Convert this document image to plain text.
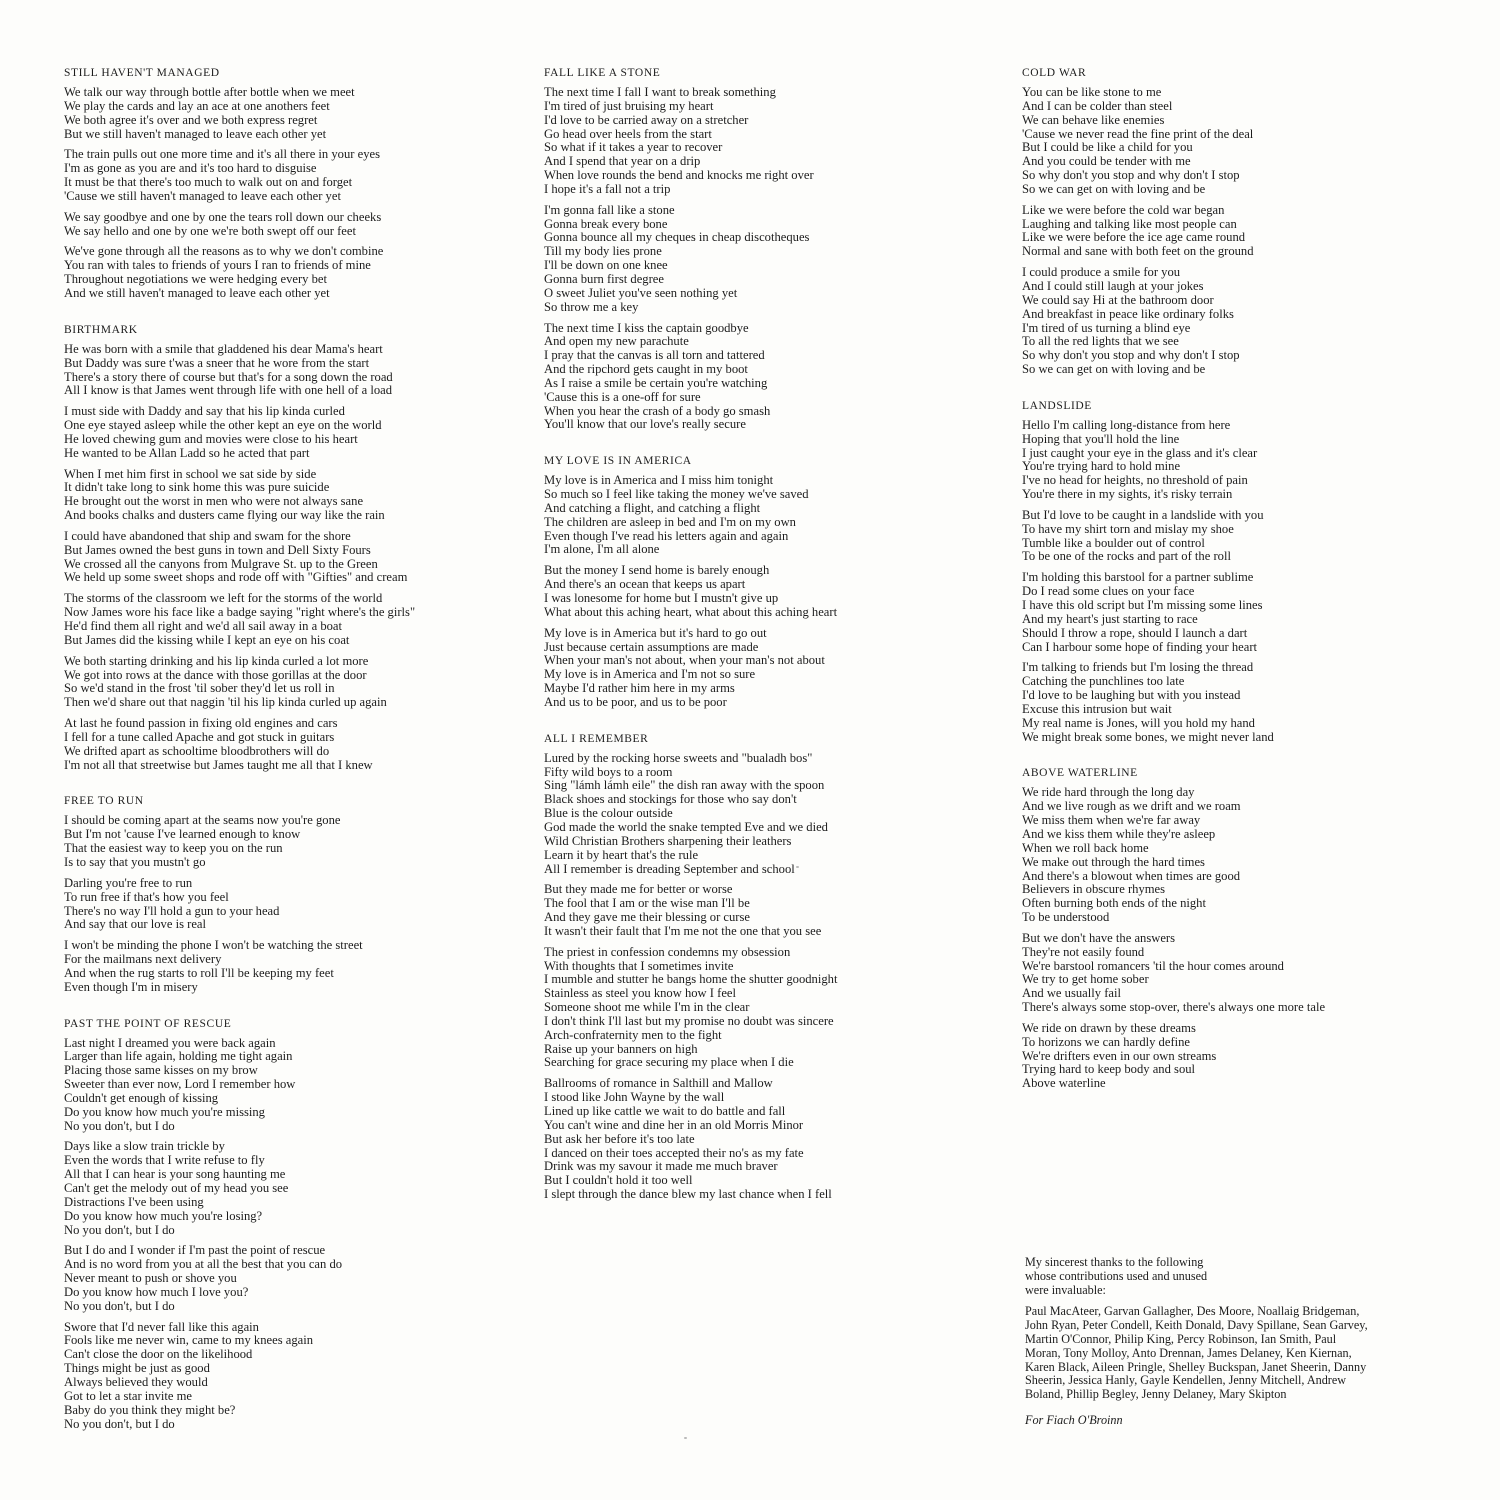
STILL HAVEN'T MANAGED
We talk our way through bottle after bottle when we meet
We play the cards and lay an ace at one anothers feet
We both agree it's over and we both express regret
But we still haven't managed to leave each other yet
The train pulls out one more time and it's all there in your eyes
I'm as gone as you are and it's too hard to disguise
It must be that there's too much to walk out on and forget
'Cause we still haven't managed to leave each other yet
We say goodbye and one by one the tears roll down our cheeks
We say hello and one by one we're both swept off our feet
We've gone through all the reasons as to why we don't combine
You ran with tales to friends of yours I ran to friends of mine
Throughout negotiations we were hedging every bet
And we still haven't managed to leave each other yet
BIRTHMARK
He was born with a smile that gladdened his dear Mama's heart
But Daddy was sure t'was a sneer that he wore from the start
There's a story there of course but that's for a song down the road
All I know is that James went through life with one hell of a load
I must side with Daddy and say that his lip kinda curled
One eye stayed asleep while the other kept an eye on the world
He loved chewing gum and movies were close to his heart
He wanted to be Allan Ladd so he acted that part
When I met him first in school we sat side by side
It didn't take long to sink home this was pure suicide
He brought out the worst in men who were not always sane
And books chalks and dusters came flying our way like the rain
I could have abandoned that ship and swam for the shore
But James owned the best guns in town and Dell Sixty Fours
We crossed all the canyons from Mulgrave St. up to the Green
We held up some sweet shops and rode off with "Gifties" and cream
The storms of the classroom we left for the storms of the world
Now James wore his face like a badge saying "right where's the girls"
He'd find them all right and we'd all sail away in a boat
But James did the kissing while I kept an eye on his coat
We both starting drinking and his lip kinda curled a lot more
We got into rows at the dance with those gorillas at the door
So we'd stand in the frost 'til sober they'd let us roll in
Then we'd share out that naggin 'til his lip kinda curled up again
At last he found passion in fixing old engines and cars
I fell for a tune called Apache and got stuck in guitars
We drifted apart as schooltime bloodbrothers will do
I'm not all that streetwise but James taught me all that I knew
FREE TO RUN
I should be coming apart at the seams now you're gone
But I'm not 'cause I've learned enough to know
That the easiest way to keep you on the run
Is to say that you mustn't go
Darling you're free to run
To run free if that's how you feel
There's no way I'll hold a gun to your head
And say that our love is real
I won't be minding the phone I won't be watching the street
For the mailmans next delivery
And when the rug starts to roll I'll be keeping my feet
Even though I'm in misery
PAST THE POINT OF RESCUE
Last night I dreamed you were back again
Larger than life again, holding me tight again
Placing those same kisses on my brow
Sweeter than ever now, Lord I remember how
Couldn't get enough of kissing
Do you know how much you're missing
No you don't, but I do
Days like a slow train trickle by
Even the words that I write refuse to fly
All that I can hear is your song haunting me
Can't get the melody out of my head you see
Distractions I've been using
Do you know how much you're losing?
No you don't, but I do
But I do and I wonder if I'm past the point of rescue
And is no word from you at all the best that you can do
Never meant to push or shove you
Do you know how much I love you?
No you don't, but I do
Swore that I'd never fall like this again
Fools like me never win, came to my knees again
Can't close the door on the likelihood
Things might be just as good
Always believed they would
Got to let a star invite me
Baby do you think they might be?
No you don't, but I do
FALL LIKE A STONE
The next time I fall I want to break something
I'm tired of just bruising my heart
I'd love to be carried away on a stretcher
Go head over heels from the start
So what if it takes a year to recover
And I spend that year on a drip
When love rounds the bend and knocks me right over
I hope it's a fall not a trip
I'm gonna fall like a stone
Gonna break every bone
Gonna bounce all my cheques in cheap discotheques
Till my body lies prone
I'll be down on one knee
Gonna burn first degree
O sweet Juliet you've seen nothing yet
So throw me a key
The next time I kiss the captain goodbye
And open my new parachute
I pray that the canvas is all torn and tattered
And the ripchord gets caught in my boot
As I raise a smile be certain you're watching
'Cause this is a one-off for sure
When you hear the crash of a body go smash
You'll know that our love's really secure
MY LOVE IS IN AMERICA
My love is in America and I miss him tonight
So much so I feel like taking the money we've saved
And catching a flight, and catching a flight
The children are asleep in bed and I'm on my own
Even though I've read his letters again and again
I'm alone, I'm all alone
But the money I send home is barely enough
And there's an ocean that keeps us apart
I was lonesome for home but I mustn't give up
What about this aching heart, what about this aching heart
My love is in America but it's hard to go out
Just because certain assumptions are made
When your man's not about, when your man's not about
My love is in America and I'm not so sure
Maybe I'd rather him here in my arms
And us to be poor, and us to be poor
ALL I REMEMBER
Lured by the rocking horse sweets and "bualadh bos"
Fifty wild boys to a room
Sing "lámh lámh eile" the dish ran away with the spoon
Black shoes and stockings for those who say don't
Blue is the colour outside
God made the world the snake tempted Eve and we died
Wild Christian Brothers sharpening their leathers
Learn it by heart that's the rule
All I remember is dreading September and school
But they made me for better or worse
The fool that I am or the wise man I'll be
And they gave me their blessing or curse
It wasn't their fault that I'm me not the one that you see
The priest in confession condemns my obsession
With thoughts that I sometimes invite
I mumble and stutter he bangs home the shutter goodnight
Stainless as steel you know how I feel
Someone shoot me while I'm in the clear
I don't think I'll last but my promise no doubt was sincere
Arch-confraternity men to the fight
Raise up your banners on high
Searching for grace securing my place when I die
Ballrooms of romance in Salthill and Mallow
I stood like John Wayne by the wall
Lined up like cattle we wait to do battle and fall
You can't wine and dine her in an old Morris Minor
But ask her before it's too late
I danced on their toes accepted their no's as my fate
Drink was my savour it made me much braver
But I couldn't hold it too well
I slept through the dance blew my last chance when I fell
COLD WAR
You can be like stone to me
And I can be colder than steel
We can behave like enemies
'Cause we never read the fine print of the deal
But I could be like a child for you
And you could be tender with me
So why don't you stop and why don't I stop
So we can get on with loving and be
Like we were before the cold war began
Laughing and talking like most people can
Like we were before the ice age came round
Normal and sane with both feet on the ground
I could produce a smile for you
And I could still laugh at your jokes
We could say Hi at the bathroom door
And breakfast in peace like ordinary folks
I'm tired of us turning a blind eye
To all the red lights that we see
So why don't you stop and why don't I stop
So we can get on with loving and be
LANDSLIDE
Hello I'm calling long-distance from here
Hoping that you'll hold the line
I just caught your eye in the glass and it's clear
You're trying hard to hold mine
I've no head for heights, no threshold of pain
You're there in my sights, it's risky terrain
But I'd love to be caught in a landslide with you
To have my shirt torn and mislay my shoe
Tumble like a boulder out of control
To be one of the rocks and part of the roll
I'm holding this barstool for a partner sublime
Do I read some clues on your face
I have this old script but I'm missing some lines
And my heart's just starting to race
Should I throw a rope, should I launch a dart
Can I harbour some hope of finding your heart
I'm talking to friends but I'm losing the thread
Catching the punchlines too late
I'd love to be laughing but with you instead
Excuse this intrusion but wait
My real name is Jones, will you hold my hand
We might break some bones, we might never land
ABOVE WATERLINE
We ride hard through the long day
And we live rough as we drift and we roam
We miss them when we're far away
And we kiss them while they're asleep
When we roll back home
We make out through the hard times
And there's a blowout when times are good
Believers in obscure rhymes
Often burning both ends of the night
To be understood
But we don't have the answers
They're not easily found
We're barstool romancers 'til the hour comes around
We try to get home sober
And we usually fail
There's always some stop-over, there's always one more tale
We ride on drawn by these dreams
To horizons we can hardly define
We're drifters even in our own streams
Trying hard to keep body and soul
Above waterline
My sincerest thanks to the following
whose contributions used and unused
were invaluable:
Paul MacAteer, Garvan Gallagher, Des Moore, Noallaig Bridgeman,
John Ryan, Peter Condell, Keith Donald, Davy Spillane, Sean Garvey,
Martin O'Connor, Philip King, Percy Robinson, Ian Smith, Paul
Moran, Tony Molloy, Anto Drennan, James Delaney, Ken Kiernan,
Karen Black, Aileen Pringle, Shelley Buckspan, Janet Sheerin, Danny
Sheerin, Jessica Hanly, Gayle Kendellen, Jenny Mitchell, Andrew
Boland, Phillip Begley, Jenny Delaney, Mary Skipton
For Fiach O'Broinn
